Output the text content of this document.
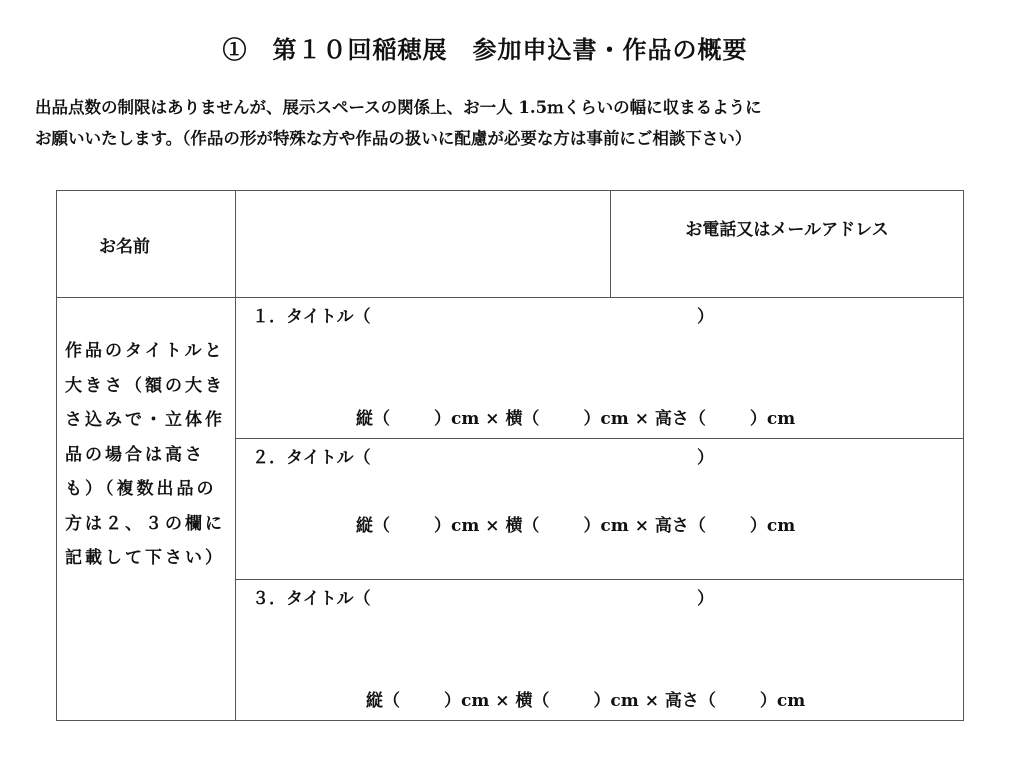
①　第１０回稲穂展　参加申込書・作品の概要
出品点数の制限はありませんが、展示スペースの関係上、お一人 1.5ｍくらいの幅に収まるように
お願いいたします。（作品の形が特殊な方や作品の扱いに配慮が必要な方は事前にご相談下さい）
お名前		お電話又はメールアドレス
作品のタイトルと大きさ（額の大きさ込みで・立体作品の場合は高さも）（複数出品の方は２、３の欄に記載して下さい）	１．タイトル（ ）
縦（ ）cm × 横（ ）cm × 高さ（ ）cm	

	２．タイトル（ ）
縦（ ）cm × 横（ ）cm × 高さ（ ）cm	

	３．タイトル（ ）
縦（ ）cm × 横（ ）cm × 高さ（ ）cm	
